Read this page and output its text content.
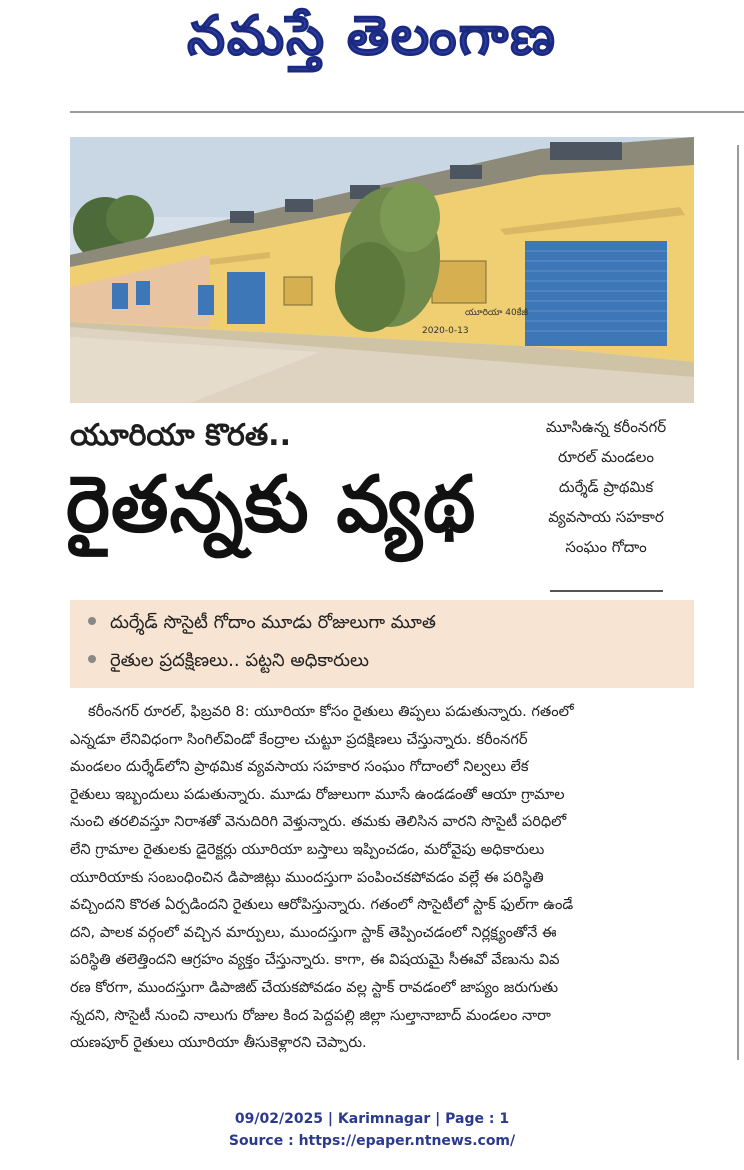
నమస్తే తెలంగాణ
యూరియా 40కేజీ
2020-0-13
యూరియా కొరత..
రైతన్నకు వ్యథ
మూసిఉన్న కరీంనగర్
రూరల్ మండలం
దుర్శేడ్ ప్రాథమిక
వ్యవసాయ సహకార
సంఘం గోదాం
దుర్శేడ్ సొసైటీ గోదాం మూడు రోజులుగా మూత
రైతుల ప్రదక్షిణలు.. పట్టని అధికారులు
కరీంనగర్ రూరల్, ఫిబ్రవరి 8: యూరియా కోసం రైతులు తిప్పలు పడుతున్నారు. గతంలో
ఎన్నడూ లేనివిధంగా సింగిల్‌విండో కేంద్రాల చుట్టూ ప్రదక్షిణలు చేస్తున్నారు. కరీంనగర్
మండలం దుర్శేడ్‌లోని ప్రాథమిక వ్యవసాయ సహకార సంఘం గోదాంలో నిల్వలు లేక
రైతులు ఇబ్బందులు పడుతున్నారు. మూడు రోజులుగా మూసే ఉండడంతో ఆయా గ్రామాల
నుంచి తరలివస్తూ నిరాశతో వెనుదిరిగి వెళ్తున్నారు. తమకు తెలిసిన వారని సొసైటీ పరిధిలో
లేని గ్రామాల రైతులకు డైరెక్టర్లు యూరియా బస్తాలు ఇప్పించడం, మరోవైపు అధికారులు
యూరియాకు సంబంధించిన డిపాజిట్లు ముందస్తుగా పంపించకపోవడం వల్లే ఈ పరిస్థితి
వచ్చిందని కొరత ఏర్పడిందని రైతులు ఆరోపిస్తున్నారు. గతంలో సొసైటీలో స్టాక్ ఫుల్‌గా ఉండే
దని, పాలక వర్గంలో వచ్చిన మార్పులు, ముందస్తుగా స్టాక్ తెప్పించడంలో నిర్లక్ష్యంతోనే ఈ
పరిస్థితి తలెత్తిందని ఆగ్రహం వ్యక్తం చేస్తున్నారు. కాగా, ఈ విషయమై సీఈవో వేణును వివ
రణ కోరగా, ముందస్తుగా డిపాజిట్ చేయకపోవడం వల్ల స్టాక్ రావడంలో జాప్యం జరుగుతు
న్నదని, సొసైటీ నుంచి నాలుగు రోజుల కింద పెద్దపల్లి జిల్లా సుల్తానాబాద్ మండలం నారా
యణపూర్ రైతులు యూరియా తీసుకెళ్లారని చెప్పారు.
09/02/2025 | Karimnagar | Page : 1
Source : https://epaper.ntnews.com/
